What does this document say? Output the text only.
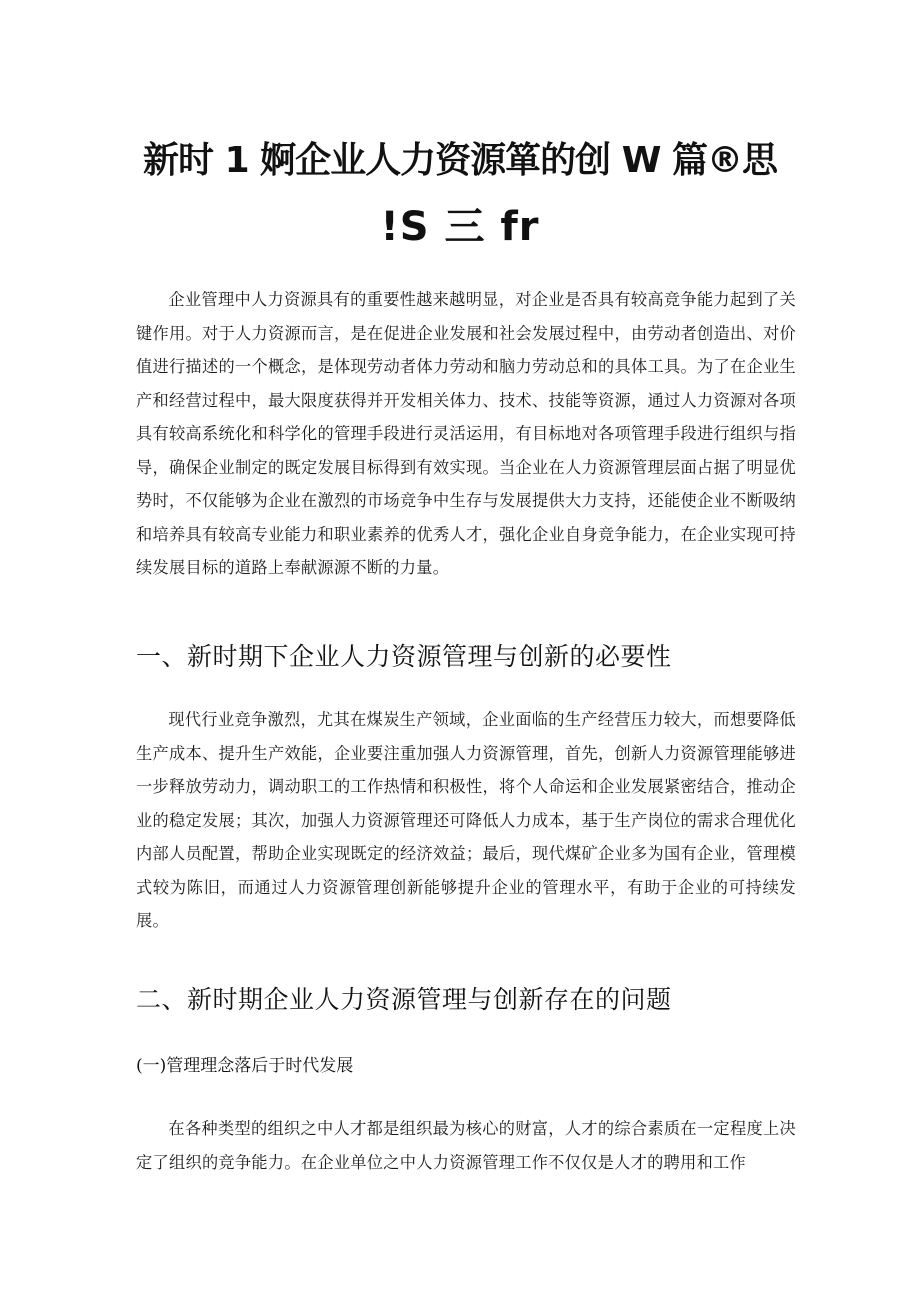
新时 1 婀企业人力资源箪的创 W 篇®思
!S 三 fr

企业管理中人力资源具有的重要性越来越明显，对企业是否具有较高竞争能力起到了关键作用。对于人力资源而言，是在促进企业发展和社会发展过程中，由劳动者创造出、对价值进行描述的一个概念，是体现劳动者体力劳动和脑力劳动总和的具体工具。为了在企业生产和经营过程中，最大限度获得并开发相关体力、技术、技能等资源，通过人力资源对各项具有较高系统化和科学化的管理手段进行灵活运用，有目标地对各项管理手段进行组织与指导，确保企业制定的既定发展目标得到有效实现。当企业在人力资源管理层面占据了明显优势时，不仅能够为企业在激烈的市场竞争中生存与发展提供大力支持，还能使企业不断吸纳和培养具有较高专业能力和职业素养的优秀人才，强化企业自身竞争能力，在企业实现可持续发展目标的道路上奉献源源不断的力量。

一、新时期下企业人力资源管理与创新的必要性

现代行业竞争激烈，尤其在煤炭生产领域，企业面临的生产经营压力较大，而想要降低生产成本、提升生产效能，企业要注重加强人力资源管理，首先，创新人力资源管理能够进一步释放劳动力，调动职工的工作热情和积极性，将个人命运和企业发展紧密结合，推动企业的稳定发展；其次，加强人力资源管理还可降低人力成本，基于生产岗位的需求合理优化内部人员配置，帮助企业实现既定的经济效益；最后，现代煤矿企业多为国有企业，管理模式较为陈旧，而通过人力资源管理创新能够提升企业的管理水平，有助于企业的可持续发展。

二、新时期企业人力资源管理与创新存在的问题
(一)管理理念落后于时代发展

在各种类型的组织之中人才都是组织最为核心的财富，人才的综合素质在一定程度上决定了组织的竞争能力。在企业单位之中人力资源管理工作不仅仅是人才的聘用和工作
